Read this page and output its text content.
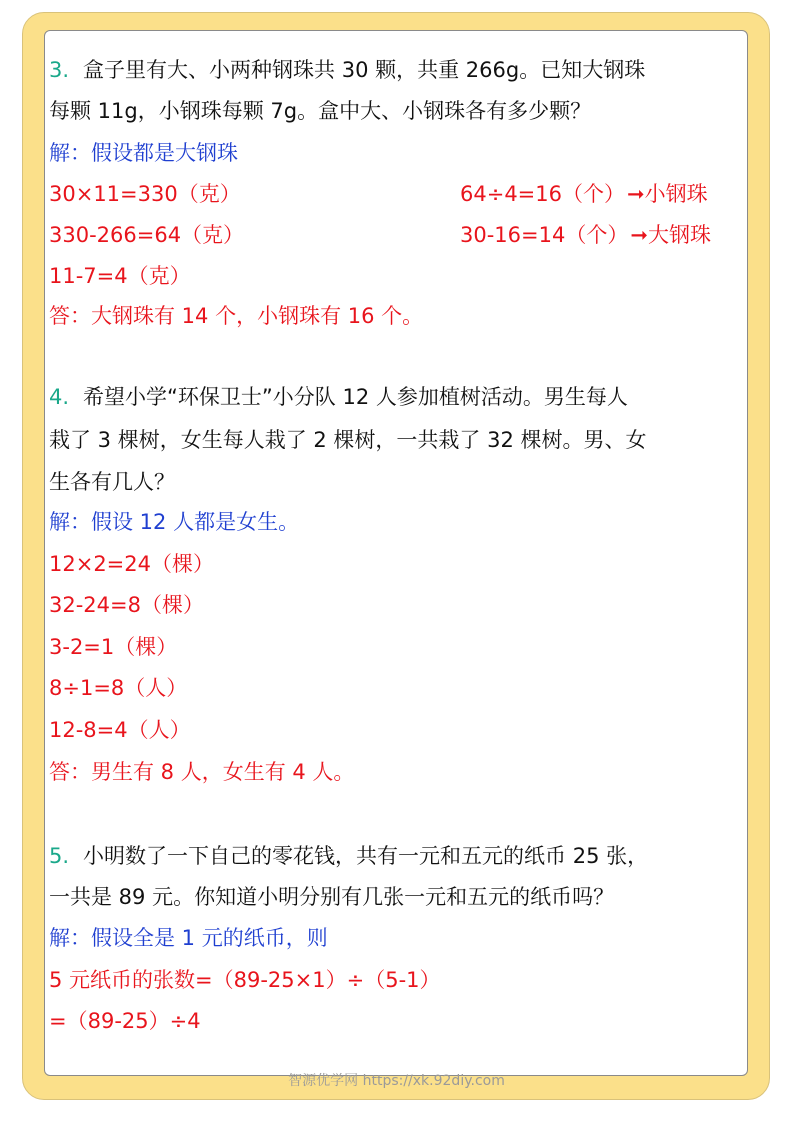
3. 盒子里有大、小两种钢珠共 30 颗，共重 266g。已知大钢珠
每颗 11g，小钢珠每颗 7g。盒中大、小钢珠各有多少颗？
解：假设都是大钢珠
30×11=330（克）	64÷4=16（个）➞小钢珠
330-266=64（克）	30-16=14（个）➞大钢珠
11-7=4（克）
答：大钢珠有 14 个，小钢珠有 16 个。
4. 希望小学“环保卫士”小分队 12 人参加植树活动。男生每人
栽了 3 棵树，女生每人栽了 2 棵树，一共栽了 32 棵树。男、女
生各有几人？
解：假设 12 人都是女生。
12×2=24（棵）
32-24=8（棵）
3-2=1（棵）
8÷1=8（人）
12-8=4（人）
答：男生有 8 人，女生有 4 人。
5. 小明数了一下自己的零花钱，共有一元和五元的纸币 25 张，
一共是 89 元。你知道小明分别有几张一元和五元的纸币吗？
解：假设全是 1 元的纸币，则
5 元纸币的张数=（89-25×1）÷（5-1）
=（89-25）÷4
智源优学网 https://xk.92diy.com
